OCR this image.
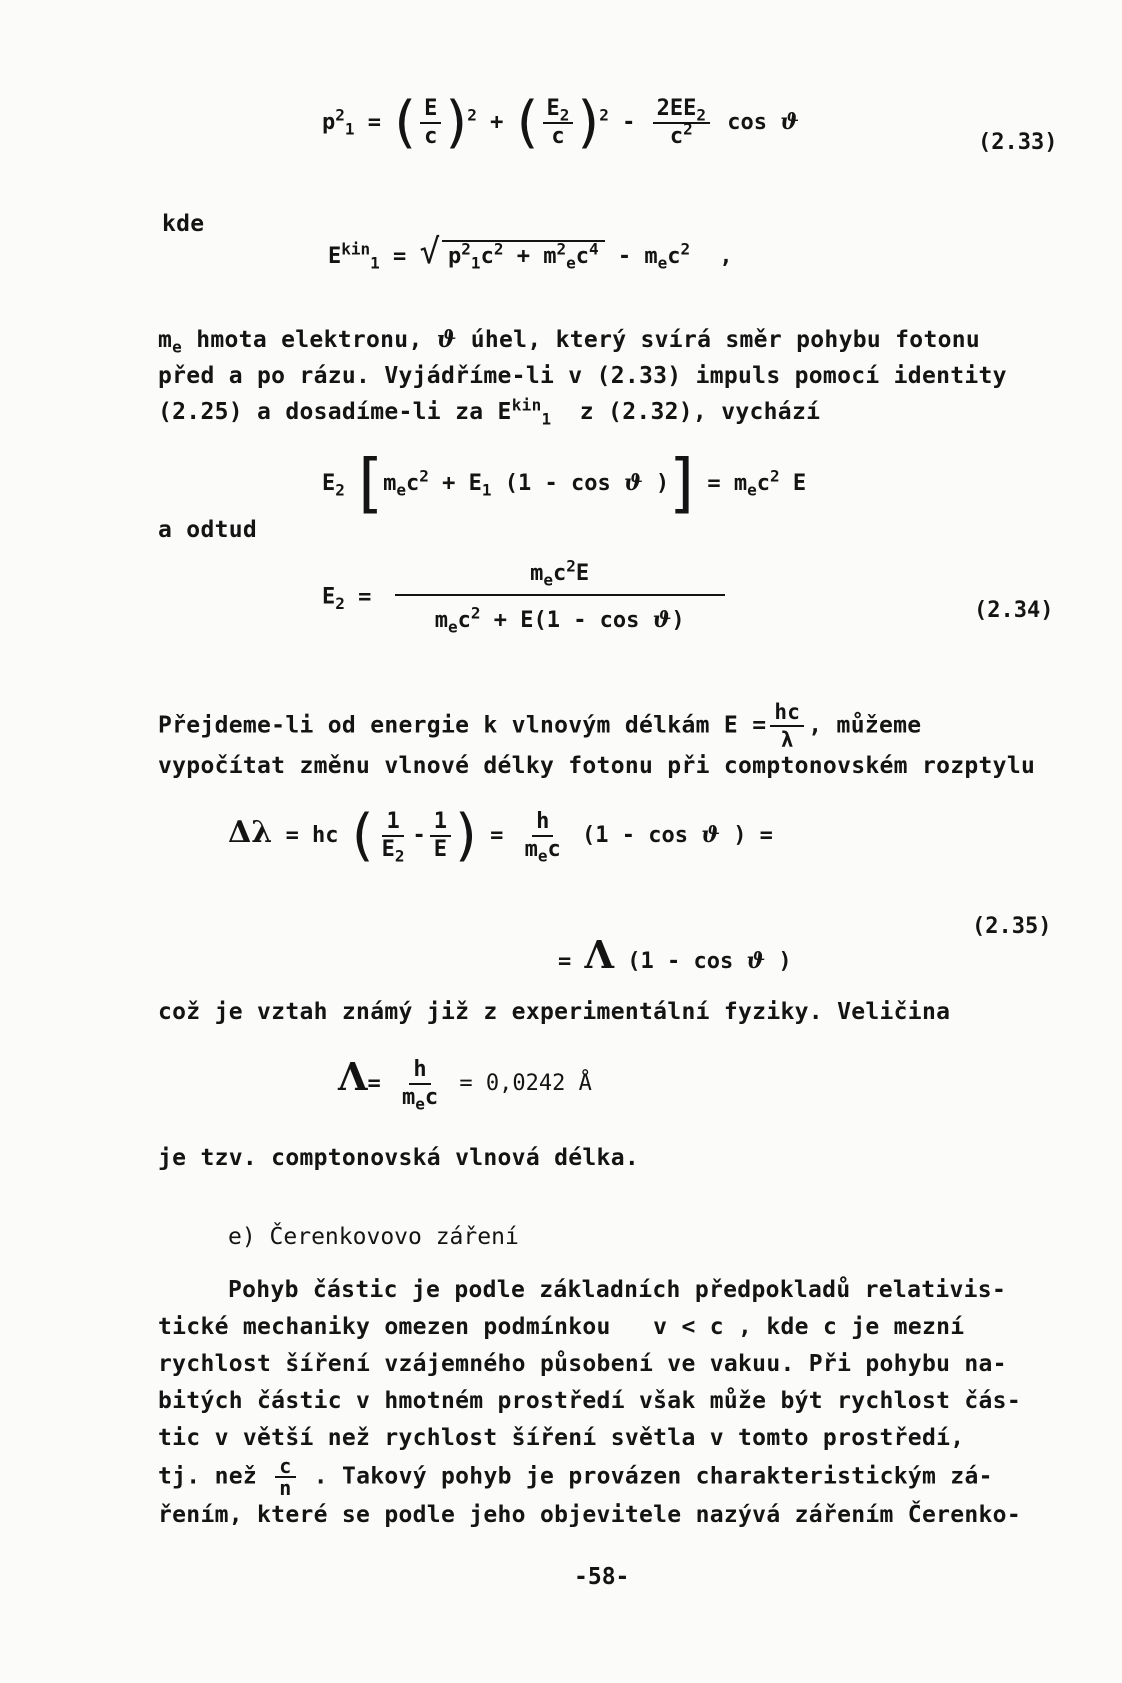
$p^2_1$ = ( $\frac{E}{c} )^2$ + ( $\frac{E_2}{c} )^2 - \frac{2EE_2}{c^2}$ cos ϑ
(2.33)
kde
$E^{kin}_1$ = √ $p^2_1c^2 + m^2_ec^4 - m_ec^2$ ,
$m_e$ hmota elektronu, ϑ úhel, který svírá směr pohybu fotonu
před a po rázu. Vyjádříme-li v (2.33) impuls pomocí identity
(2.25) a dosadíme-li za $E^{kin}_1$ z (2.32), vychází
$E_2$ [$m_ec^2 + E_1$ (1 - cos ϑ )] = $m_ec^2$ E
a odtud
$E_2 = \frac{m_ec^2E}{m_ec^2 + E(1 - \cos ϑ)}$	(2.34)
Přejdeme-li od energie k vlnovým délkám $E = \frac{hc}{\lambda}$ , můžeme
vypočítat změnu vlnové délky fotonu při comptonovském rozptylu
Δλ = hc ( $\frac{1}{E_2} - \frac{1}{E}$ ) = $\frac{h}{m_ec} (1$ - cos ϑ ) =
= Λ (1 - cos ϑ )
(2.35)
což je vztah známý již z experimentální fyziky. Veličina
$\Lambda= \frac{h}{m_ec} = 0,0242$ Å
je tzv. comptonovská vlnová délka.
e) Čerenkovovo záření
Pohyb částic je podle základních předpokladů relativis-
tické mechaniky omezen podmínkou v < c , kde c je mezní
rychlost šíření vzájemného působení ve vakuu. Při pohybu na-
bitých částic v hmotném prostředí však může být rychlost čás-
tic v větší než rychlost šíření světla v tomto prostředí,
tj. než $\frac{c}{n}$ . Takový pohyb je provázen charakteristickým zá-
řením, které se podle jeho objevitele nazývá zářením Čerenko-
-58-
